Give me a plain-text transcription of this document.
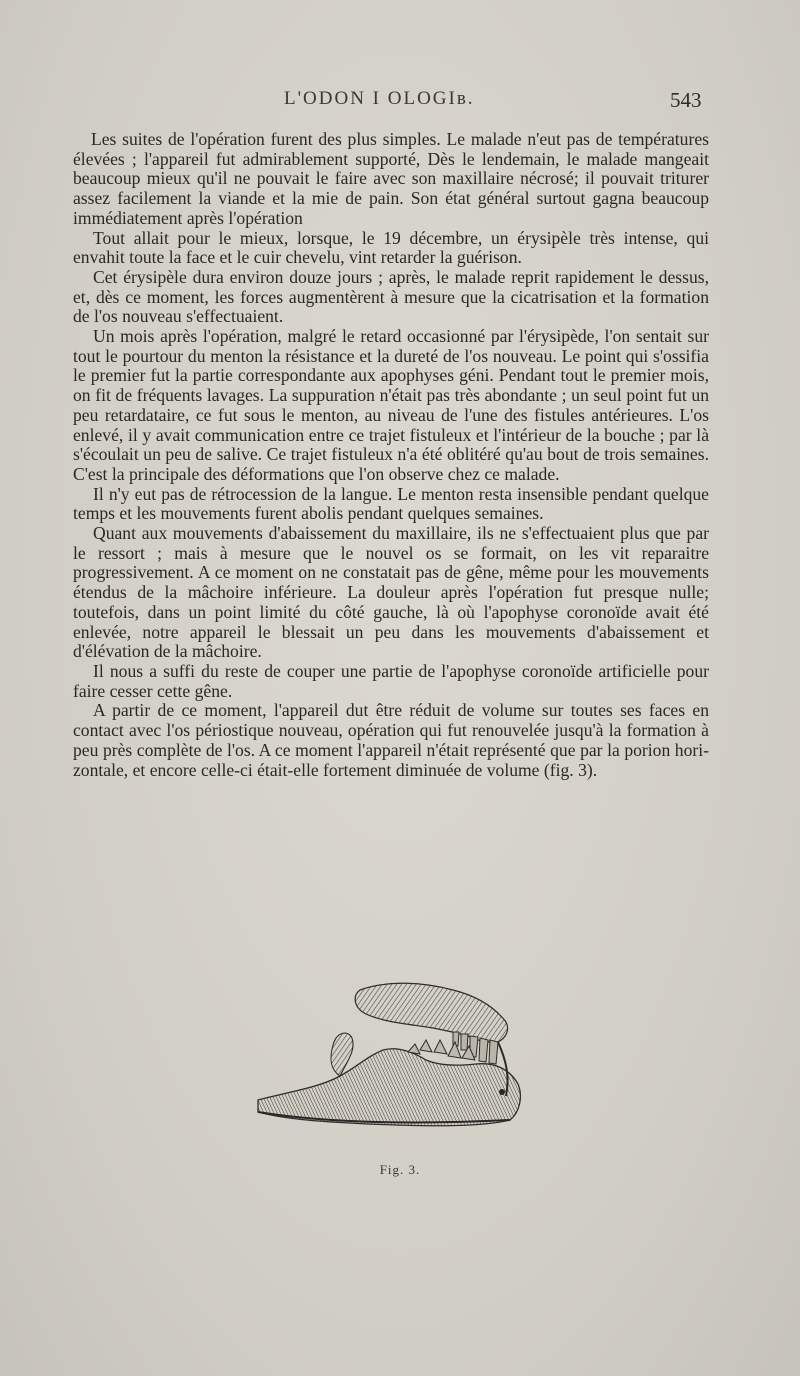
L'ODON I OLOGIв.	543

Les suites de l'opération furent des plus simples. Le malade n'eut pas de températures élevées ; l'appareil fut admirablement supporté, Dès le lendemain, le malade mangeait beaucoup mieux qu'il ne pouvait le faire avec son maxillaire nécrosé; il pouvait triturer assez facilement la viande et la mie de pain. Son état général surtout gagna beaucoup immédiatement après l'opération

Tout allait pour le mieux, lorsque, le 19 décembre, un érysipèle très intense, qui envahit toute la face et le cuir chevelu, vint retarder la guérison.

Cet érysipèle dura environ douze jours ; après, le malade reprit rapidement le dessus, et, dès ce moment, les forces augmentèrent à mesure que la cicatrisation et la formation de l'os nouveau s'effectuaient.

Un mois après l'opération, malgré le retard occasionné par l'érysipède, l'on sentait sur tout le pourtour du menton la résistance et la dureté de l'os nouveau. Le point qui s'ossifia le premier fut la partie correspondante aux apophyses géni. Pendant tout le premier mois, on fit de fréquents lavages. La suppuration n'était pas très abondante ; un seul point fut un peu retardataire, ce fut sous le menton, au niveau de l'une des fistules antérieures. L'os enlevé, il y avait communication entre ce trajet fistuleux et l'intérieur de la bouche ; par là s'écoulait un peu de salive. Ce trajet fistuleux n'a été oblitéré qu'au bout de trois semaines. C'est la principale des déformations que l'on observe chez ce malade.

Il n'y eut pas de rétrocession de la langue. Le menton resta insensible pendant quelque temps et les mouvements furent abolis pendant quelques semaines.

Quant aux mouvements d'abaissement du maxillaire, ils ne s'effectuaient plus que par le ressort ; mais à mesure que le nouvel os se formait, on les vit reparaitre progressivement. A ce moment on ne constatait pas de gêne, même pour les mouvements étendus de la mâchoire inférieure. La douleur après l'opération fut presque nulle; toutefois, dans un point limité du côté gauche, là où l'apophyse coronoïde avait été enlevée, notre appareil le blessait un peu dans les mouvements d'abaissement et d'élévation de la mâchoire.

Il nous a suffi du reste de couper une partie de l'apophyse coronoïde artificielle pour faire cesser cette gêne.

A partir de ce moment, l'appareil dut être réduit de volume sur toutes ses faces en contact avec l'os périostique nouveau, opération qui fut renouvelée jusqu'à la formation à peu près complète de l'os. A ce moment l'appareil n'était représenté que par la porion horizontale, et encore celle-ci était-elle fortement diminuée de volume (fig. 3).

Fig. 3.
